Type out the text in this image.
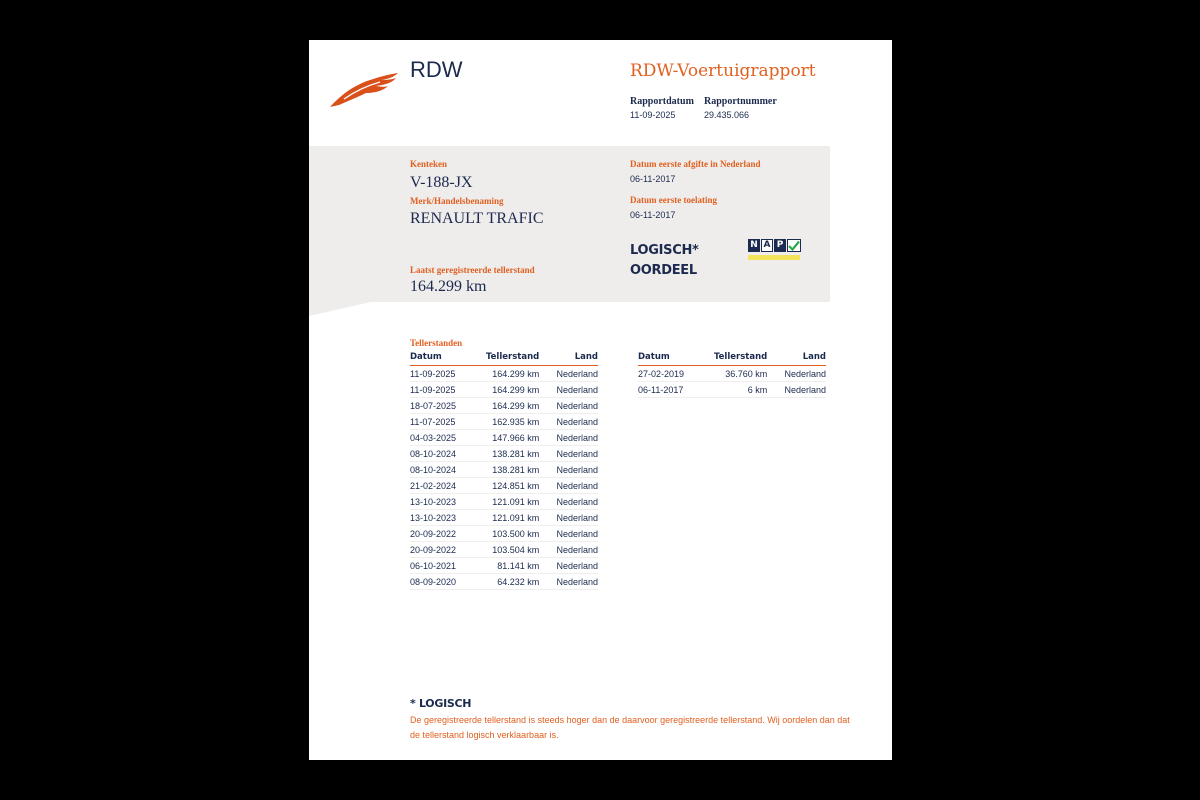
RDW	RDW-Voertuigrapport
Rapportdatum
11-09-2025
Rapportnummer
29.435.066
Kenteken
V-188-JX
Merk/Handelsbenaming
RENAULT TRAFIC
Laatst geregistreerde tellerstand
164.299 km
Datum eerste afgifte in Nederland
06-11-2017
Datum eerste toelating
06-11-2017
LOGISCH*
OORDEEL
N A P
Tellerstanden
Datum	Tellerstand	Land
11-09-2025	164.299 km	Nederland
11-09-2025	164.299 km	Nederland
18-07-2025	164.299 km	Nederland
11-07-2025	162.935 km	Nederland
04-03-2025	147.966 km	Nederland
08-10-2024	138.281 km	Nederland
08-10-2024	138.281 km	Nederland
21-02-2024	124.851 km	Nederland
13-10-2023	121.091 km	Nederland
13-10-2023	121.091 km	Nederland
20-09-2022	103.500 km	Nederland
20-09-2022	103.504 km	Nederland
06-10-2021	81.141 km	Nederland
08-09-2020	64.232 km	Nederland
Datum	Tellerstand	Land
27-02-2019	36.760 km	Nederland
06-11-2017	6 km	Nederland
* LOGISCH
De geregistreerde tellerstand is steeds hoger dan de daarvoor geregistreerde tellerstand. Wij oordelen dan dat de tellerstand logisch verklaarbaar is.
